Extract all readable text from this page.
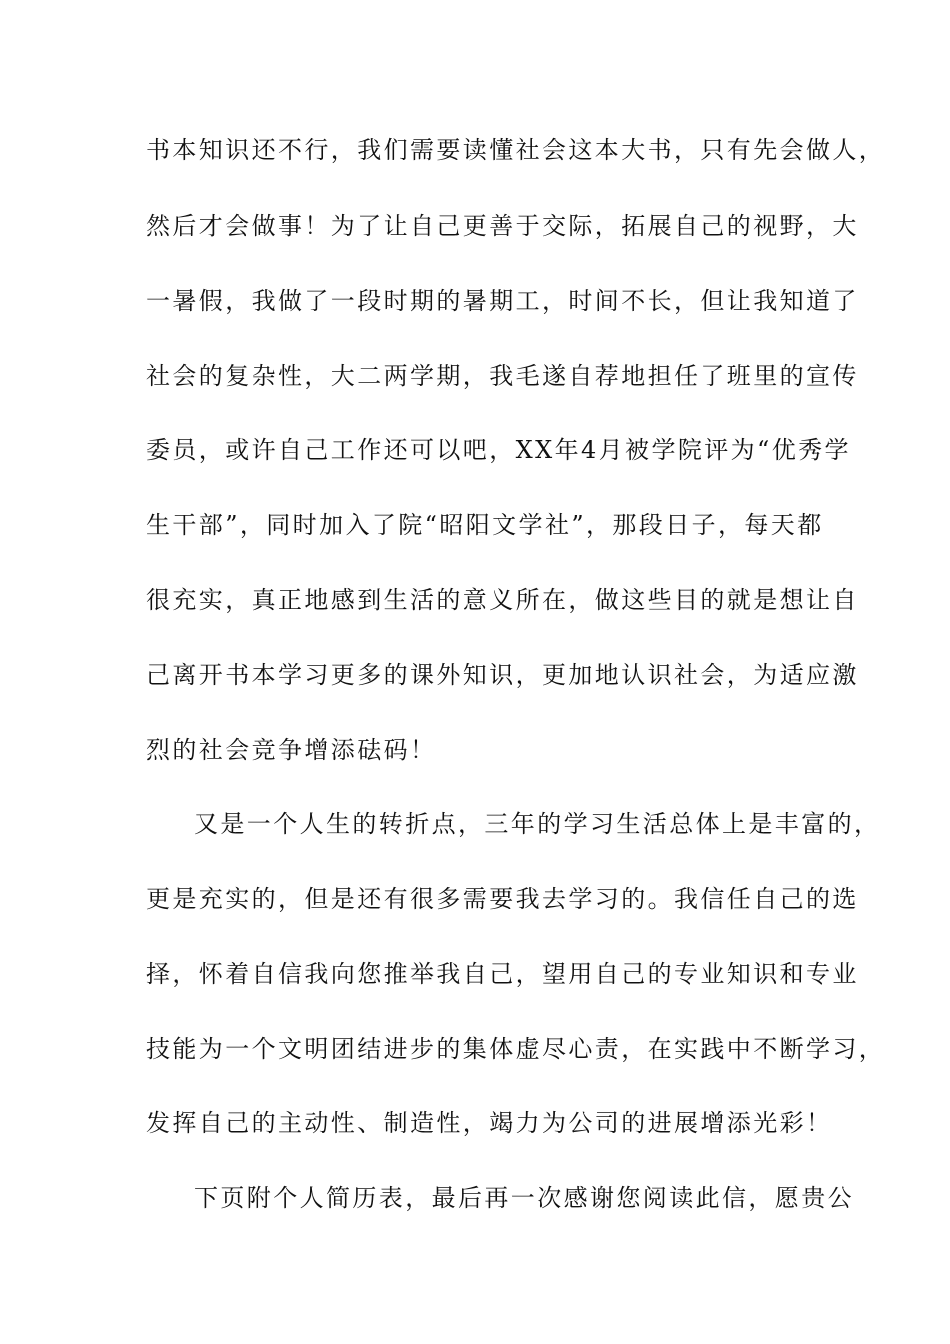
书本知识还不行，我们需要读懂社会这本大书，只有先会做人，

然后才会做事！为了让自己更善于交际，拓展自己的视野，大

一暑假，我做了一段时期的暑期工，时间不长，但让我知道了

社会的复杂性，大二两学期，我毛遂自荐地担任了班里的宣传

委员，或许自己工作还可以吧，XX年4月被学院评为“优秀学

生干部”，同时加入了院“昭阳文学社”，那段日子，每天都

很充实，真正地感到生活的意义所在，做这些目的就是想让自

己离开书本学习更多的课外知识，更加地认识社会，为适应激

烈的社会竞争增添砝码！

又是一个人生的转折点，三年的学习生活总体上是丰富的，

更是充实的，但是还有很多需要我去学习的。我信任自己的选

择，怀着自信我向您推举我自己，望用自己的专业知识和专业

技能为一个文明团结进步的集体虚尽心责，在实践中不断学习，

发挥自己的主动性、制造性，竭力为公司的进展增添光彩！

下页附个人简历表，最后再一次感谢您阅读此信，愿贵公
